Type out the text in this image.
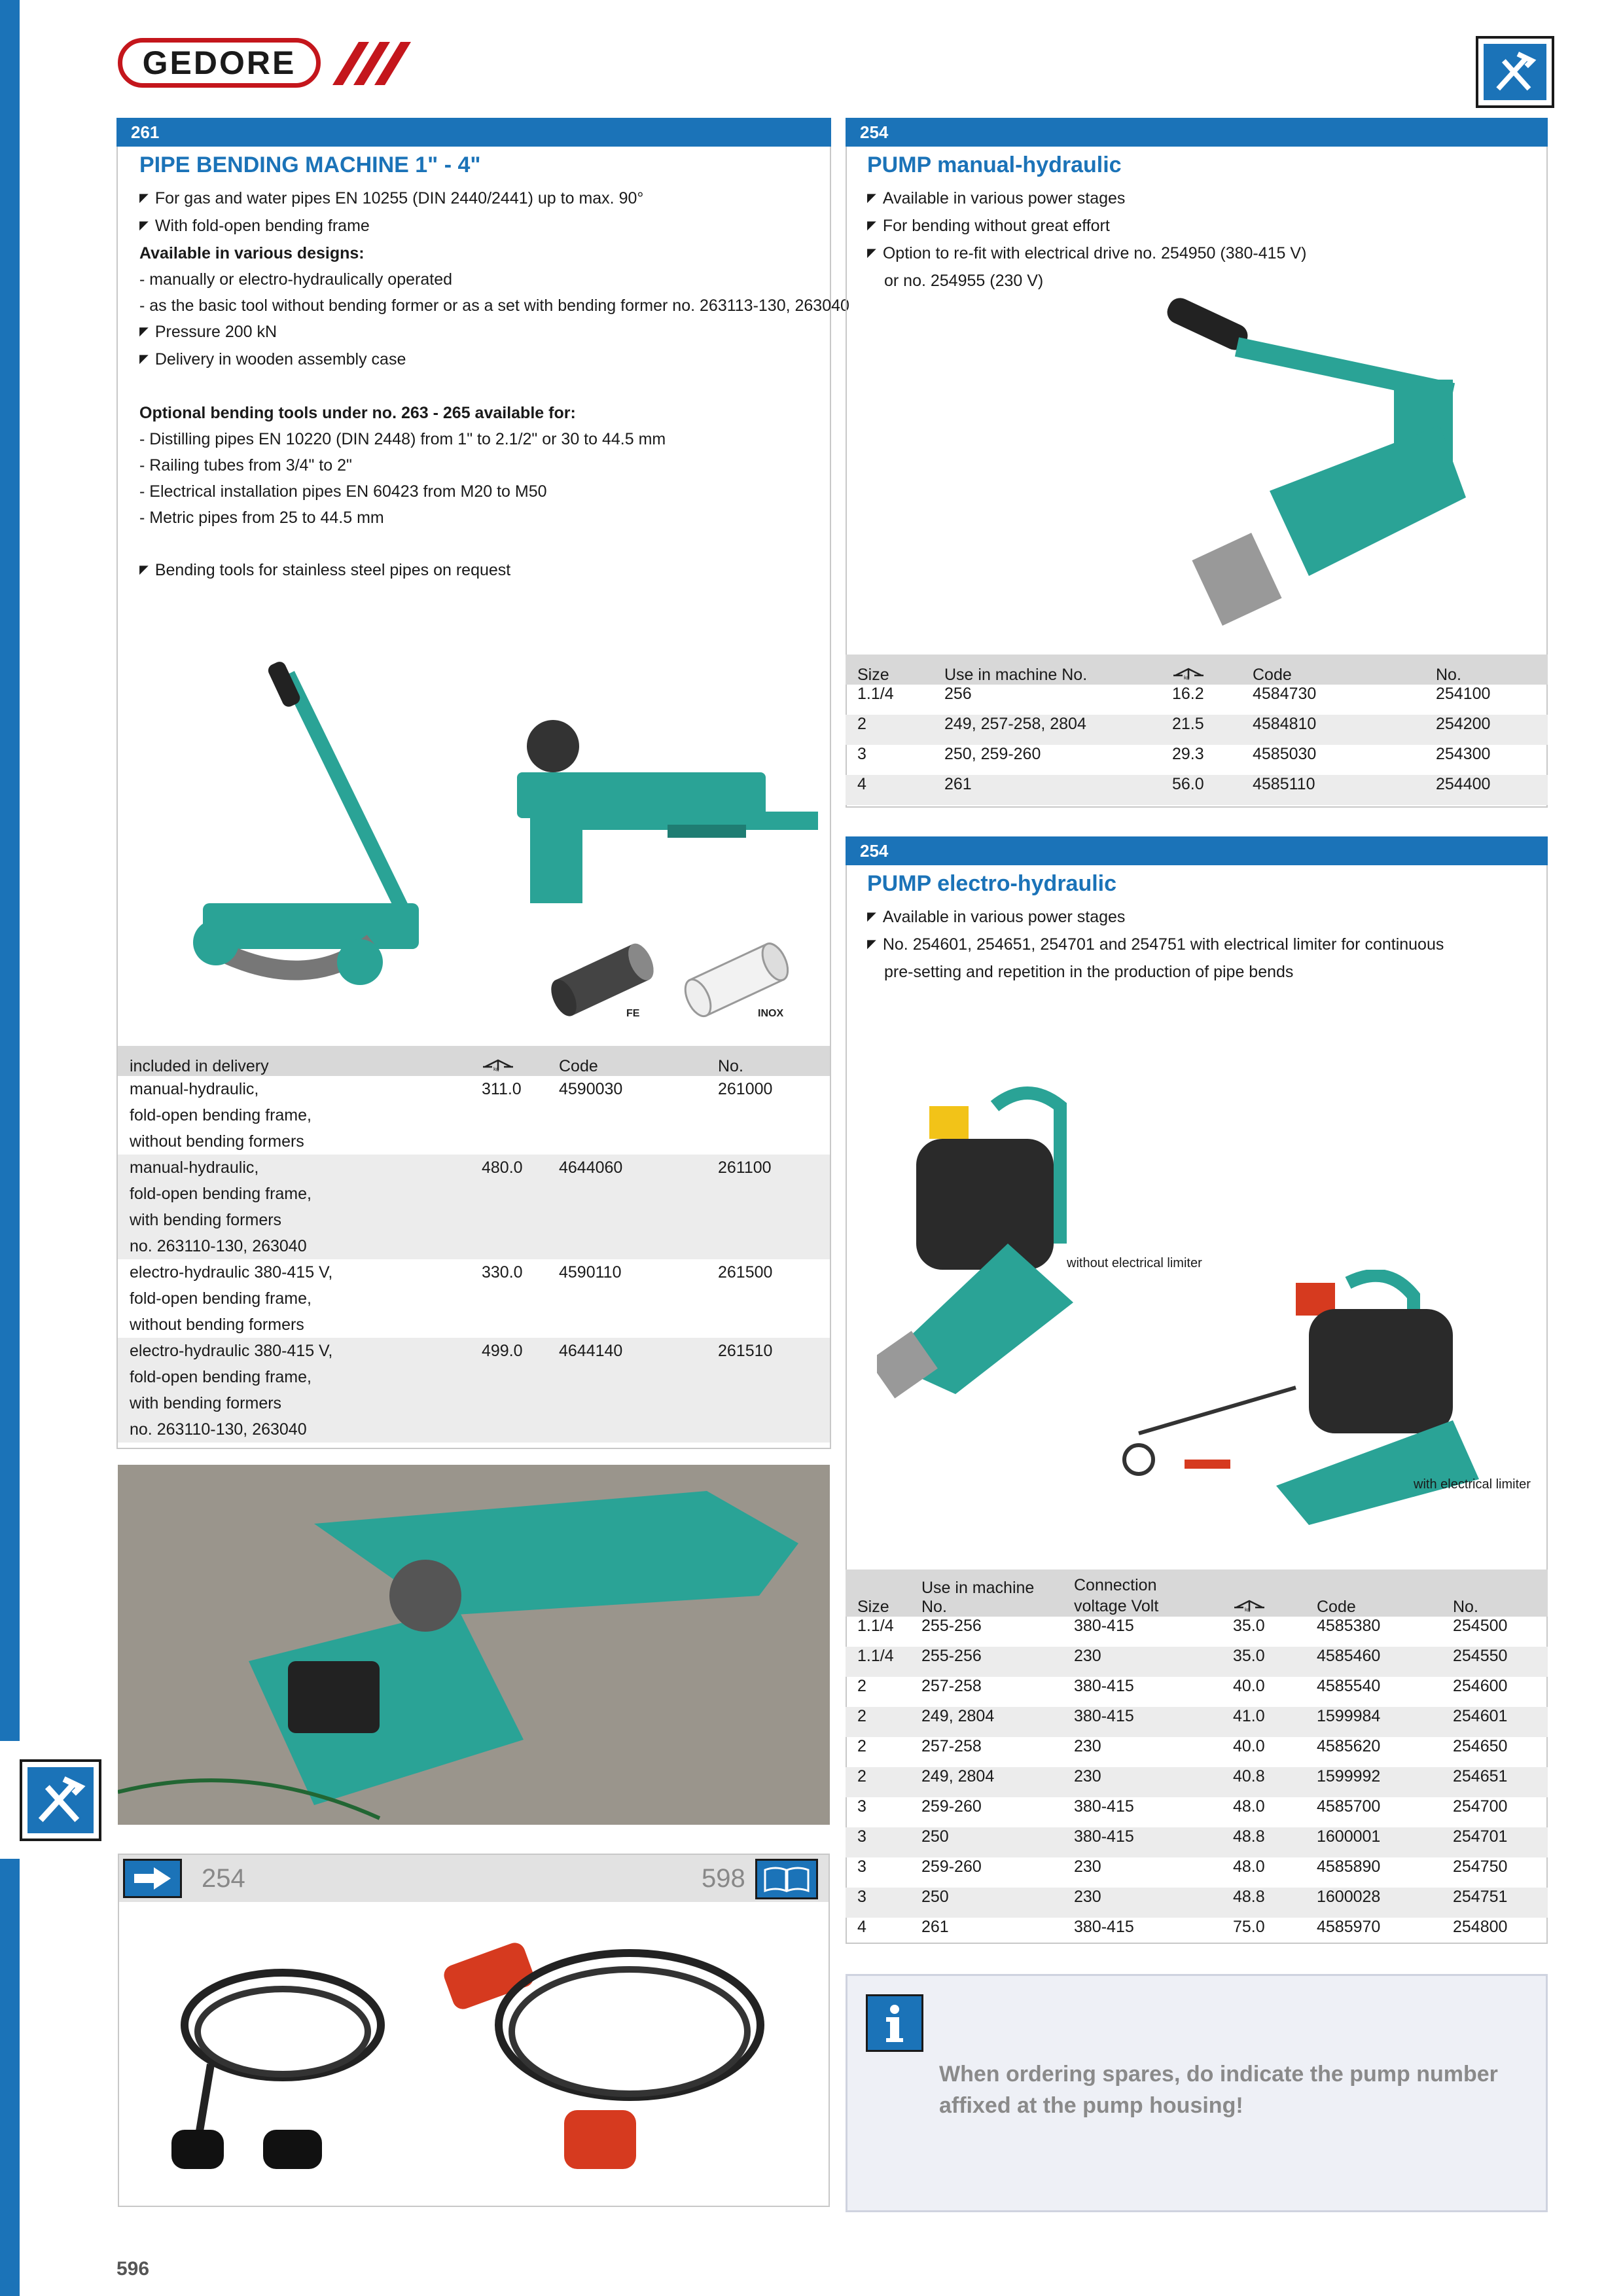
GEDORE
261
PIPE BENDING MACHINE 1" - 4"
◤ For gas and water pipes EN 10255 (DIN 2440/2441) up to max. 90°
◤ With fold-open bending frame
Available in various designs:
- manually or electro-hydraulically operated
- as the basic tool without bending former or as a set with bending former no. 263113-130, 263040
◤ Pressure 200 kN
◤ Delivery in wooden assembly case
Optional bending tools under no. 263 - 265 available for:
- Distilling pipes EN 10220 (DIN 2448) from 1" to 2.1/2" or 30 to 44.5 mm
- Railing tubes from 3/4" to 2"
- Electrical installation pipes EN 60423 from M20 to M50
- Metric pipes from 25 to 44.5 mm
◤ Bending tools for stainless steel pipes on request
FE	INOX
included in delivery	kg	Code	No.

manual-hydraulic,
fold-open bending frame,
without bending formers	311.0	4590030	261000

manual-hydraulic,
fold-open bending frame,
with bending formers
no. 263110-130, 263040	480.0	4644060	261100

electro-hydraulic 380-415 V,
fold-open bending frame,
without bending formers	330.0	4590110	261500

electro-hydraulic 380-415 V,
fold-open bending frame,
with bending formers
no. 263110-130, 263040	499.0	4644140	261510
254	598
254
PUMP manual-hydraulic
◤ Available in various power stages
◤ For bending without great effort
◤ Option to re-fit with electrical drive no. 254950 (380-415 V)
or no. 254955 (230 V)
Size	Use in machine No.	kg	Code	No.
1.1/4	256	16.2	4584730	254100
2	249, 257-258, 2804	21.5	4584810	254200
3	250, 259-260	29.3	4585030	254300
4	261	56.0	4585110	254400
254
PUMP electro-hydraulic
◤ Available in various power stages
◤ No. 254601, 254651, 254701 and 254751 with electrical limiter for continuous
pre-setting and repetition in the production of pipe bends
without electrical limiter
with electrical limiter
Size	Use in machine No.	Connection
voltage Volt	kg	Code	No.
1.1/4	255-256	380-415	35.0	4585380	254500
1.1/4	255-256	230	35.0	4585460	254550
2	257-258	380-415	40.0	4585540	254600
2	249, 2804	380-415	41.0	1599984	254601
2	257-258	230	40.0	4585620	254650
2	249, 2804	230	40.8	1599992	254651
3	259-260	380-415	48.0	4585700	254700
3	250	380-415	48.8	1600001	254701
3	259-260	230	48.0	4585890	254750
3	250	230	48.8	1600028	254751
4	261	380-415	75.0	4585970	254800
When ordering spares, do indicate the pump number
affixed at the pump housing!
596
